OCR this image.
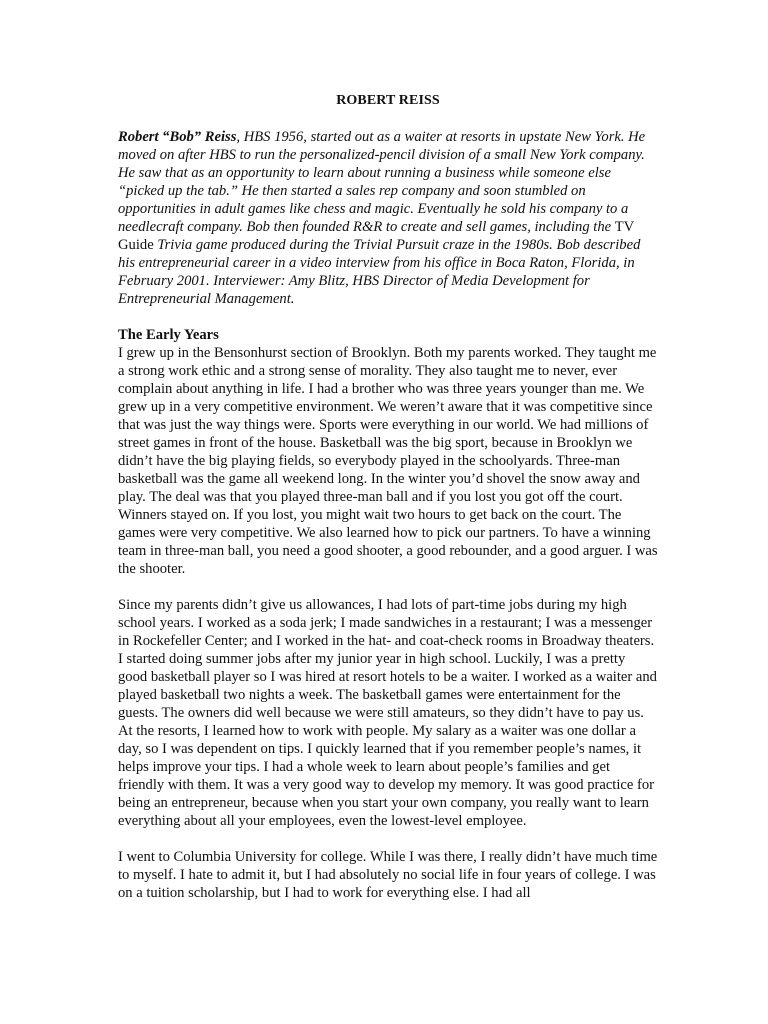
ROBERT REISS

Robert “Bob” Reiss, HBS 1956, started out as a waiter at resorts in upstate New York. He moved on after HBS to run the personalized-pencil division of a small New York company. He saw that as an opportunity to learn about running a business while someone else “picked up the tab.” He then started a sales rep company and soon stumbled on opportunities in adult games like chess and magic. Eventually he sold his company to a needlecraft company. Bob then founded R&R to create and sell games, including the TV Guide Trivia game produced during the Trivial Pursuit craze in the 1980s. Bob described his entrepreneurial career in a video interview from his office in Boca Raton, Florida, in February 2001. Interviewer: Amy Blitz, HBS Director of Media Development for Entrepreneurial Management.

The Early Years

I grew up in the Bensonhurst section of Brooklyn. Both my parents worked. They taught me a strong work ethic and a strong sense of morality. They also taught me to never, ever complain about anything in life. I had a brother who was three years younger than me. We grew up in a very competitive environment. We weren’t aware that it was competitive since that was just the way things were. Sports were everything in our world. We had millions of street games in front of the house. Basketball was the big sport, because in Brooklyn we didn’t have the big playing fields, so everybody played in the schoolyards. Three-man basketball was the game all weekend long. In the winter you’d shovel the snow away and play. The deal was that you played three-man ball and if you lost you got off the court. Winners stayed on. If you lost, you might wait two hours to get back on the court. The games were very competitive. We also learned how to pick our partners. To have a winning team in three-man ball, you need a good shooter, a good rebounder, and a good arguer. I was the shooter.

Since my parents didn’t give us allowances, I had lots of part-time jobs during my high school years. I worked as a soda jerk; I made sandwiches in a restaurant; I was a messenger in Rockefeller Center; and I worked in the hat- and coat-check rooms in Broadway theaters. I started doing summer jobs after my junior year in high school. Luckily, I was a pretty good basketball player so I was hired at resort hotels to be a waiter. I worked as a waiter and played basketball two nights a week. The basketball games were entertainment for the guests. The owners did well because we were still amateurs, so they didn’t have to pay us. At the resorts, I learned how to work with people. My salary as a waiter was one dollar a day, so I was dependent on tips. I quickly learned that if you remember people’s names, it helps improve your tips. I had a whole week to learn about people’s families and get friendly with them. It was a very good way to develop my memory. It was good practice for being an entrepreneur, because when you start your own company, you really want to learn everything about all your employees, even the lowest-level employee.

I went to Columbia University for college. While I was there, I really didn’t have much time to myself. I hate to admit it, but I had absolutely no social life in four years of college. I was on a tuition scholarship, but I had to work for everything else. I had all
